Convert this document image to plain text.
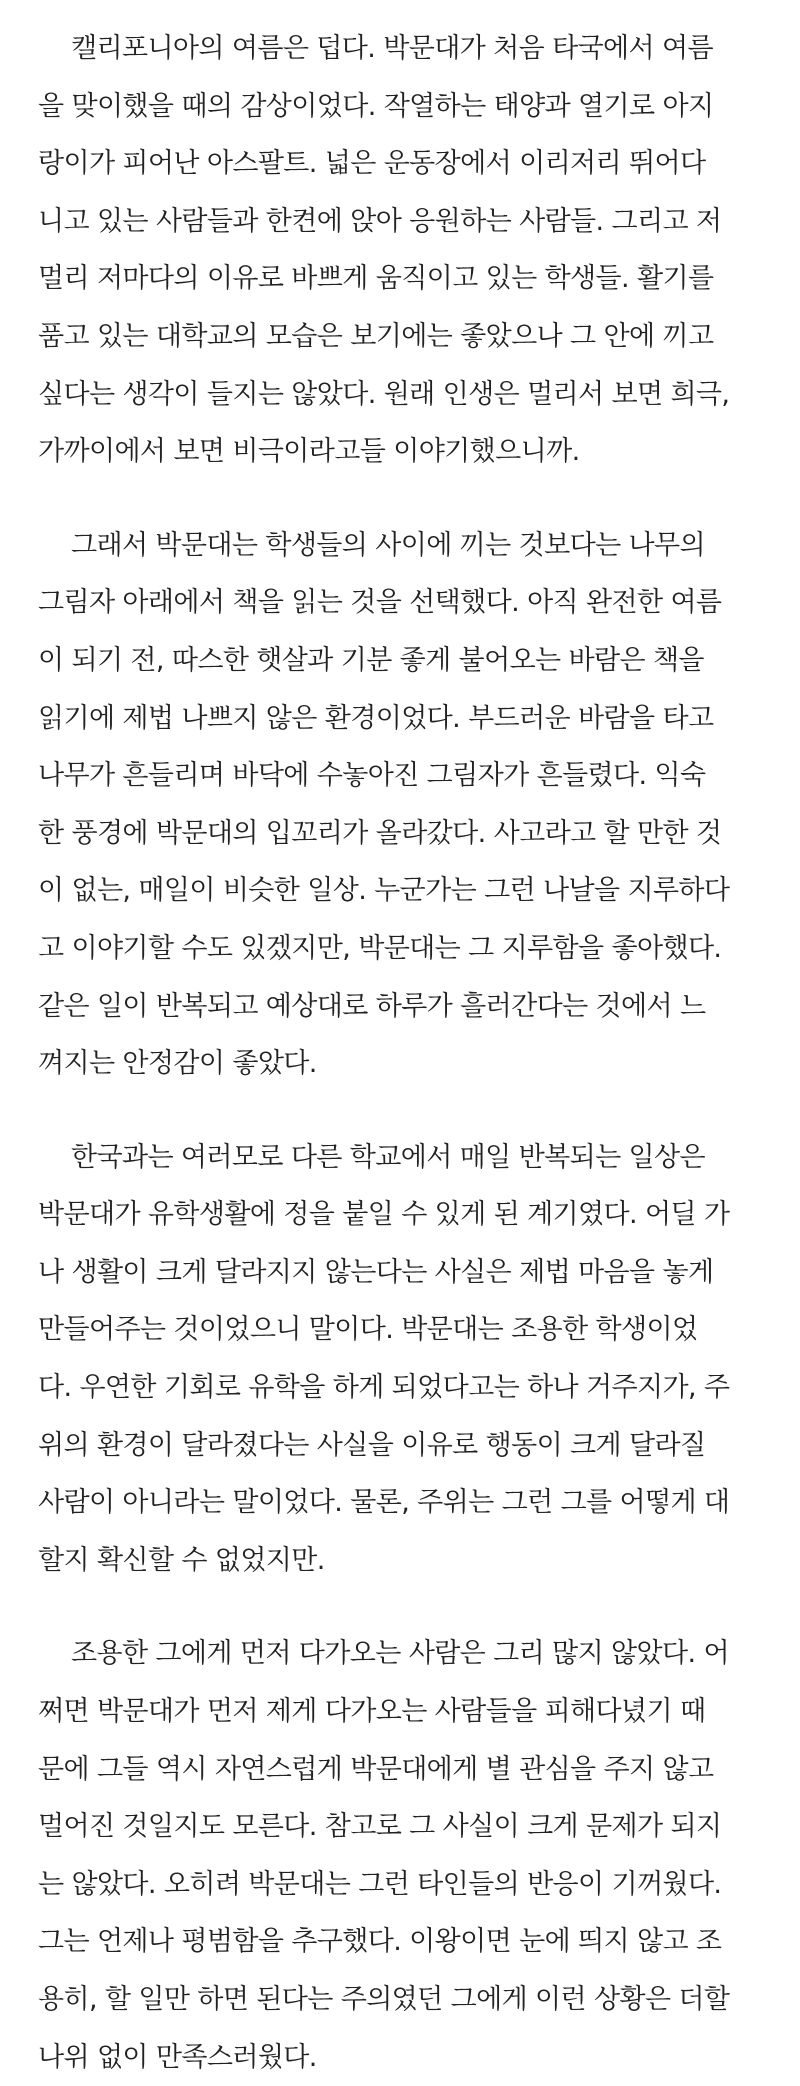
캘리포니아의 여름은 덥다. 박문대가 처음 타국에서 여름
을 맞이했을 때의 감상이었다. 작열하는 태양과 열기로 아지
랑이가 피어난 아스팔트. 넓은 운동장에서 이리저리 뛰어다
니고 있는 사람들과 한켠에 앉아 응원하는 사람들. 그리고 저
멀리 저마다의 이유로 바쁘게 움직이고 있는 학생들. 활기를
품고 있는 대학교의 모습은 보기에는 좋았으나 그 안에 끼고
싶다는 생각이 들지는 않았다. 원래 인생은 멀리서 보면 희극,
가까이에서 보면 비극이라고들 이야기했으니까.
그래서 박문대는 학생들의 사이에 끼는 것보다는 나무의
그림자 아래에서 책을 읽는 것을 선택했다. 아직 완전한 여름
이 되기 전, 따스한 햇살과 기분 좋게 불어오는 바람은 책을
읽기에 제법 나쁘지 않은 환경이었다. 부드러운 바람을 타고
나무가 흔들리며 바닥에 수놓아진 그림자가 흔들렸다. 익숙
한 풍경에 박문대의 입꼬리가 올라갔다. 사고라고 할 만한 것
이 없는, 매일이 비슷한 일상. 누군가는 그런 나날을 지루하다
고 이야기할 수도 있겠지만, 박문대는 그 지루함을 좋아했다.
같은 일이 반복되고 예상대로 하루가 흘러간다는 것에서 느
껴지는 안정감이 좋았다.
한국과는 여러모로 다른 학교에서 매일 반복되는 일상은
박문대가 유학생활에 정을 붙일 수 있게 된 계기였다. 어딜 가
나 생활이 크게 달라지지 않는다는 사실은 제법 마음을 놓게
만들어주는 것이었으니 말이다. 박문대는 조용한 학생이었
다. 우연한 기회로 유학을 하게 되었다고는 하나 거주지가, 주
위의 환경이 달라졌다는 사실을 이유로 행동이 크게 달라질
사람이 아니라는 말이었다. 물론, 주위는 그런 그를 어떻게 대
할지 확신할 수 없었지만.
조용한 그에게 먼저 다가오는 사람은 그리 많지 않았다. 어
쩌면 박문대가 먼저 제게 다가오는 사람들을 피해다녔기 때
문에 그들 역시 자연스럽게 박문대에게 별 관심을 주지 않고
멀어진 것일지도 모른다. 참고로 그 사실이 크게 문제가 되지
는 않았다. 오히려 박문대는 그런 타인들의 반응이 기꺼웠다.
그는 언제나 평범함을 추구했다. 이왕이면 눈에 띄지 않고 조
용히, 할 일만 하면 된다는 주의였던 그에게 이런 상황은 더할
나위 없이 만족스러웠다.
